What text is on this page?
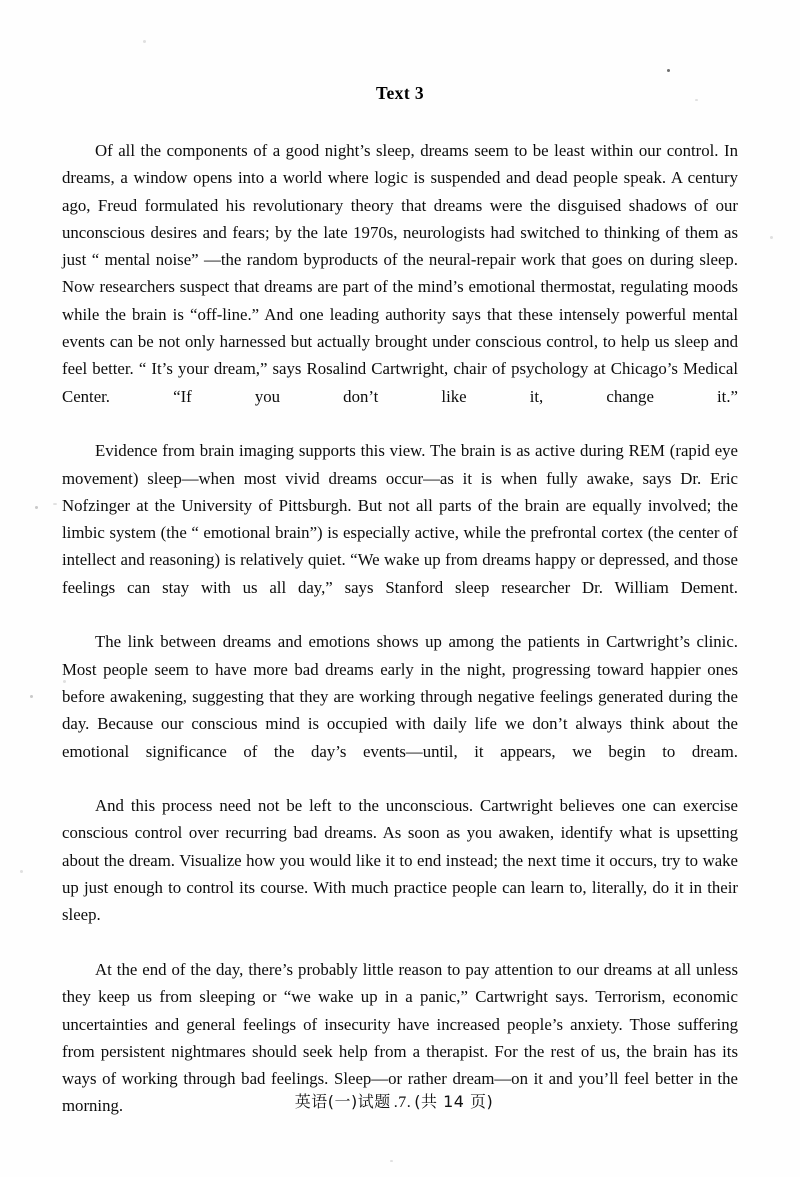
Text 3

Of all the components of a good night’s sleep, dreams seem to be least within our control. In dreams, a window opens into a world where logic is suspended and dead people speak. A century ago, Freud formulated his revolutionary theory that dreams were the disguised shadows of our unconscious desires and fears; by the late 1970s, neurologists had switched to thinking of them as just “ mental noise” —the random byproducts of the neural-repair work that goes on during sleep. Now researchers suspect that dreams are part of the mind’s emotional thermostat, regulating moods while the brain is “off-line.” And one leading authority says that these intensely powerful mental events can be not only harnessed but actually brought under conscious control, to help us sleep and feel better. “ It’s your dream,” says Rosalind Cartwright, chair of psychology at Chicago’s Medical Center. “If you don’t like it, change it.”

Evidence from brain imaging supports this view. The brain is as active during REM (rapid eye movement) sleep—when most vivid dreams occur—as it is when fully awake, says Dr. Eric Nofzinger at the University of Pittsburgh. But not all parts of the brain are equally involved; the limbic system (the “ emotional brain”) is especially active, while the prefrontal cortex (the center of intellect and reasoning) is relatively quiet. “We wake up from dreams happy or depressed, and those feelings can stay with us all day,” says Stanford sleep researcher Dr. William Dement.

The link between dreams and emotions shows up among the patients in Cartwright’s clinic. Most people seem to have more bad dreams early in the night, progressing toward happier ones before awakening, suggesting that they are working through negative feelings generated during the day. Because our conscious mind is occupied with daily life we don’t always think about the emotional significance of the day’s events—until, it appears, we begin to dream.

And this process need not be left to the unconscious. Cartwright believes one can exercise conscious control over recurring bad dreams. As soon as you awaken, identify what is upsetting about the dream. Visualize how you would like it to end instead; the next time it occurs, try to wake up just enough to control its course. With much practice people can learn to, literally, do it in their sleep.

At the end of the day, there’s probably little reason to pay attention to our dreams at all unless they keep us from sleeping or “we wake up in a panic,” Cartwright says. Terrorism, economic uncertainties and general feelings of insecurity have increased people’s anxiety. Those suffering from persistent nightmares should seek help from a therapist. For the rest of us, the brain has its ways of working through bad feelings. Sleep—or rather dream—on it and you’ll feel better in the morning.	英语(一)试题 .7. (共 14 页)
